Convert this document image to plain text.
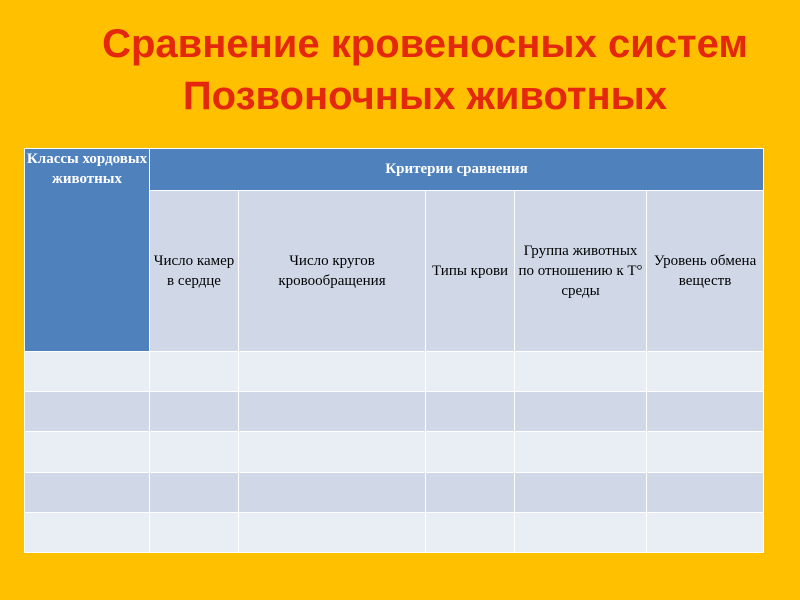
Сравнение кровеносных систем
Позвоночных животных
Классы хордовых животных	Критерии сравнения				
	Число камер в сердце	Число кругов кровообращения	Типы крови	Группа животных по отношению к Т° среды	Уровень обмена веществ
